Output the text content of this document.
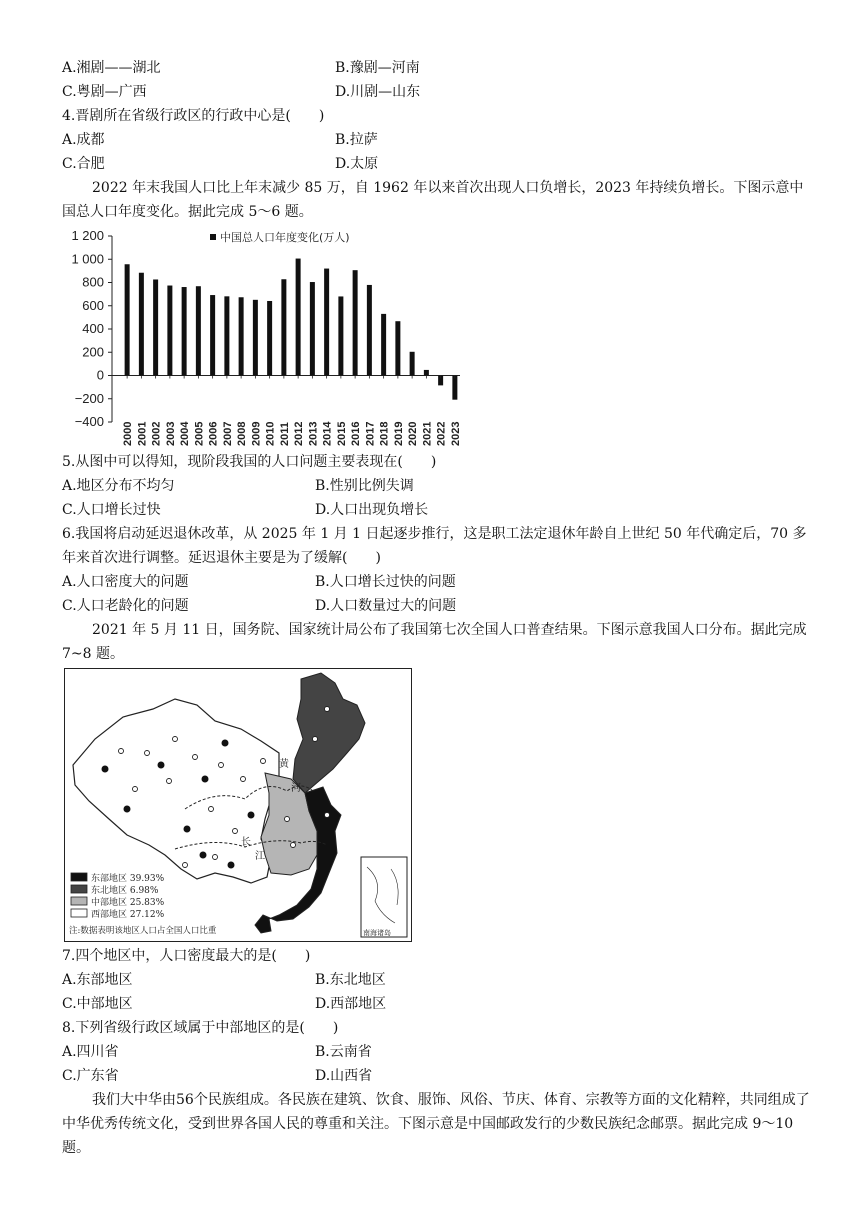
A.湘剧——湖北	B.豫剧—河南
C.粤剧—广西	D.川剧—山东
4.晋剧所在省级行政区的行政中心是(　　)
A.成都	B.拉萨
C.合肥	D.太原
2022 年末我国人口比上年末减少 85 万，自 1962 年以来首次出现人口负增长，2023 年持续负增长。下图示意中国总人口年度变化。据此完成 5～6 题。
1 200
1 000
800
600
400
200
0
−200
−400
2000 2001 2002 2003 2004 2005 2006 2007 2008 2009 2010 2011 2012 2013 2014 2015 2016 2017 2018 2019 2020 2021 2022 2023
中国总人口年度变化(万人)
5.从图中可以得知，现阶段我国的人口问题主要表现在(　　)
A.地区分布不均匀	B.性别比例失调
C.人口增长过快	D.人口出现负增长
6.我国将启动延迟退休改革，从 2025 年 1 月 1 日起逐步推行，这是职工法定退休年龄自上世纪 50 年代确定后，70 多年来首次进行调整。延迟退休主要是为了缓解(　　)
A.人口密度大的问题	B.人口增长过快的问题
C.人口老龄化的问题	D.人口数量过大的问题
2021 年 5 月 11 日，国务院、国家统计局公布了我国第七次全国人口普查结果。下图示意我国人口分布。据此完成 7~8 题。
黄
河
长
江
南海诸岛
东部地区 39.93%
东北地区 6.98%
中部地区 25.83%
西部地区 27.12%
注:数据表明该地区人口占全国人口比重
7.四个地区中，人口密度最大的是(　　)
A.东部地区	B.东北地区
C.中部地区	D.西部地区
8.下列省级行政区域属于中部地区的是(　　)
A.四川省	B.云南省
C.广东省	D.山西省
我们大中华由56个民族组成。各民族在建筑、饮食、服饰、风俗、节庆、体育、宗教等方面的文化精粹，共同组成了中华优秀传统文化，受到世界各国人民的尊重和关注。下图示意是中国邮政发行的少数民族纪念邮票。据此完成 9～10 题。
